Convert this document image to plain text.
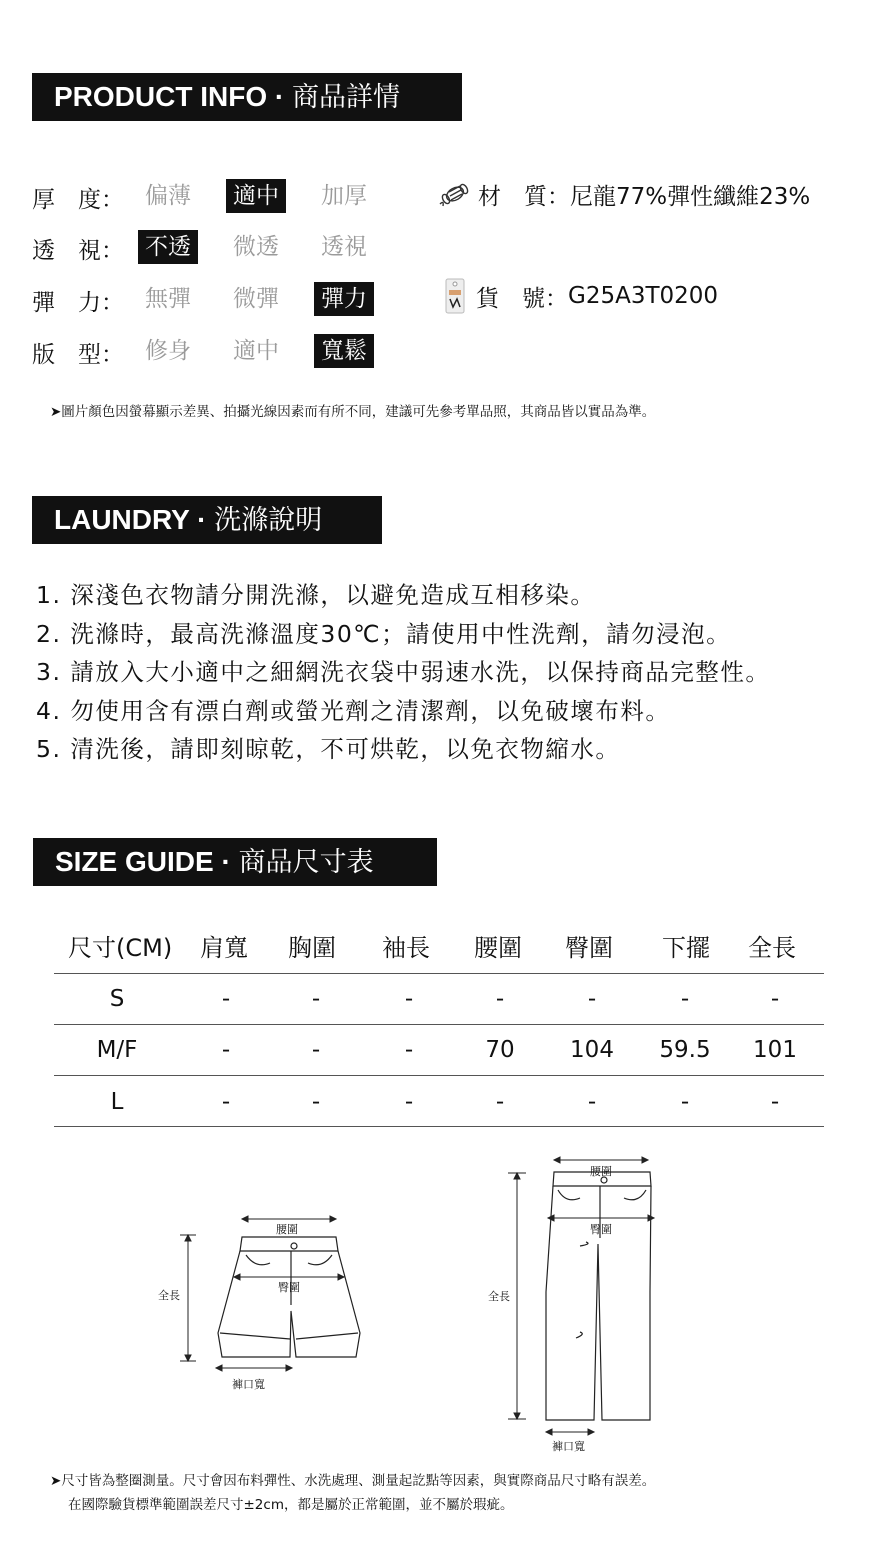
PRODUCT INFO · 商品詳情
厚　度： 偏薄	適中	加厚
透　視： 不透	微透	透視
彈　力： 無彈	微彈	彈力
版　型： 修身	適中	寬鬆
材　質： 尼龍77%彈性纖維23%
貨　號： G25A3T0200
➤圖片顏色因螢幕顯示差異、拍攝光線因素而有所不同，建議可先參考單品照，其商品皆以實品為準。
LAUNDRY · 洗滌說明
1. 深淺色衣物請分開洗滌，以避免造成互相移染。
2. 洗滌時，最高洗滌溫度30℃；請使用中性洗劑，請勿浸泡。
3. 請放入大小適中之細網洗衣袋中弱速水洗，以保持商品完整性。
4. 勿使用含有漂白劑或螢光劑之清潔劑，以免破壞布料。
5. 清洗後，請即刻晾乾，不可烘乾，以免衣物縮水。
SIZE GUIDE · 商品尺寸表
尺寸(CM) 肩寬 胸圍 袖長 腰圍 臀圍 下擺 全長
S	-	-	-	-	-	-	-
M/F	-	-	-	70	104	59.5	101
L	-	-	-	-	-	-	-
腰圍
臀圍
全長
褲口寬
腰圍
臀圍
全長
褲口寬
➤尺寸皆為整圈測量。尺寸會因布料彈性、水洗處理、測量起訖點等因素，與實際商品尺寸略有誤差。
在國際驗貨標準範圍誤差尺寸±2cm，都是屬於正常範圍，並不屬於瑕疵。
